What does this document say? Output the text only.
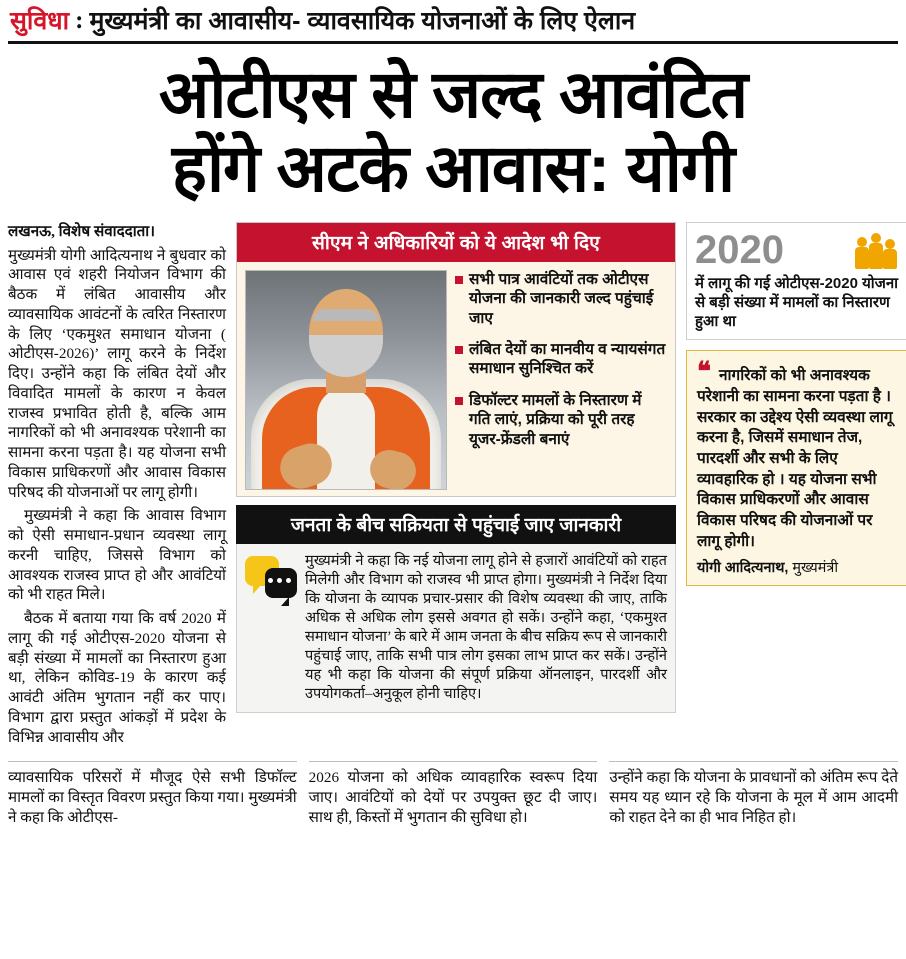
सुविधा : मुख्यमंत्री का आवासीय- व्यावसायिक योजनाओं के लिए ऐलान
ओटीएस से जल्द आवंटित
होंगे अटके आवास: योगी

लखनऊ, विशेष संवाददाता।

मुख्यमंत्री योगी आदित्यनाथ ने बुधवार को आवास एवं शहरी नियोजन विभाग की बैठक में लंबित आवासीय और व्यावसायिक आवंटनों के त्वरित निस्तारण के लिए ‘एकमुश्त समाधान योजना ( ओटीएस-2026)’ लागू करने के निर्देश दिए। उन्होंने कहा कि लंबित देयों और विवादित मामलों के कारण न केवल राजस्व प्रभावित होती है, बल्कि आम नागरिकों को भी अनावश्यक परेशानी का सामना करना पड़ता है। यह योजना सभी विकास प्राधिकरणों और आवास विकास परिषद की योजनाओं पर लागू होगी।

मुख्यमंत्री ने कहा कि आवास विभाग को ऐसी समाधान-प्रधान व्यवस्था लागू करनी चाहिए, जिससे विभाग को आवश्यक राजस्व प्राप्त हो और आवंटियों को भी राहत मिले।

बैठक में बताया गया कि वर्ष 2020 में लागू की गई ओटीएस-2020 योजना से बड़ी संख्या में मामलों का निस्तारण हुआ था, लेकिन कोविड-19 के कारण कई आवंटी अंतिम भुगतान नहीं कर पाए। विभाग द्वारा प्रस्तुत आंकड़ों में प्रदेश के विभिन्न आवासीय और

सीएम ने अधिकारियों को ये आदेश भी दिए
सभी पात्र आवंटियों तक ओटीएस योजना की जानकारी जल्द पहुंचाई जाए
लंबित देयों का मानवीय व न्यायसंगत समाधान सुनिश्चित करें
डिफॉल्टर मामलों के निस्तारण में गति लाएं, प्रक्रिया को पूरी तरह यूजर-फ्रेंडली बनाएं
जनता के बीच सक्रियता से पहुंचाई जाए जानकारी
मुख्यमंत्री ने कहा कि नई योजना लागू होने से हजारों आवंटियों को राहत मिलेगी और विभाग को राजस्व भी प्राप्त होगा। मुख्यमंत्री ने निर्देश दिया कि योजना के व्यापक प्रचार-प्रसार की विशेष व्यवस्था की जाए, ताकि अधिक से अधिक लोग इससे अवगत हो सकें। उन्होंने कहा, ‘एकमुश्त समाधान योजना’ के बारे में आम जनता के बीच सक्रिय रूप से जानकारी पहुंचाई जाए, ताकि सभी पात्र लोग इसका लाभ प्राप्त कर सकें। उन्होंने यह भी कहा कि योजना की संपूर्ण प्रक्रिया ऑनलाइन, पारदर्शी और उपयोगकर्ता–अनुकूल होनी चाहिए।
2020
में लागू की गई ओटीएस-2020 योजना से बड़ी संख्या में मामलों का निस्तारण हुआ था
❝ नागरिकों को भी अनावश्यक परेशानी का सामना करना पड़ता है । सरकार का उद्देश्य ऐसी व्यवस्था लागू करना है, जिसमें समाधान तेज, पारदर्शी और सभी के लिए व्यावहारिक हो । यह योजना सभी विकास प्राधिकरणों और आवास विकास परिषद की योजनाओं पर लागू होगी।
योगी आदित्यनाथ, मुख्यमंत्री
व्यावसायिक परिसरों में मौजूद ऐसे सभी डिफॉल्ट मामलों का विस्तृत विवरण प्रस्तुत किया गया। मुख्यमंत्री ने कहा कि ओटीएस-
2026 योजना को अधिक व्यावहारिक स्वरूप दिया जाए। आवंटियों को देयों पर उपयुक्त छूट दी जाए। साथ ही, किस्तों में भुगतान की सुविधा हो।
उन्होंने कहा कि योजना के प्रावधानों को अंतिम रूप देते समय यह ध्यान रहे कि योजना के मूल में आम आदमी को राहत देने का ही भाव निहित हो।
